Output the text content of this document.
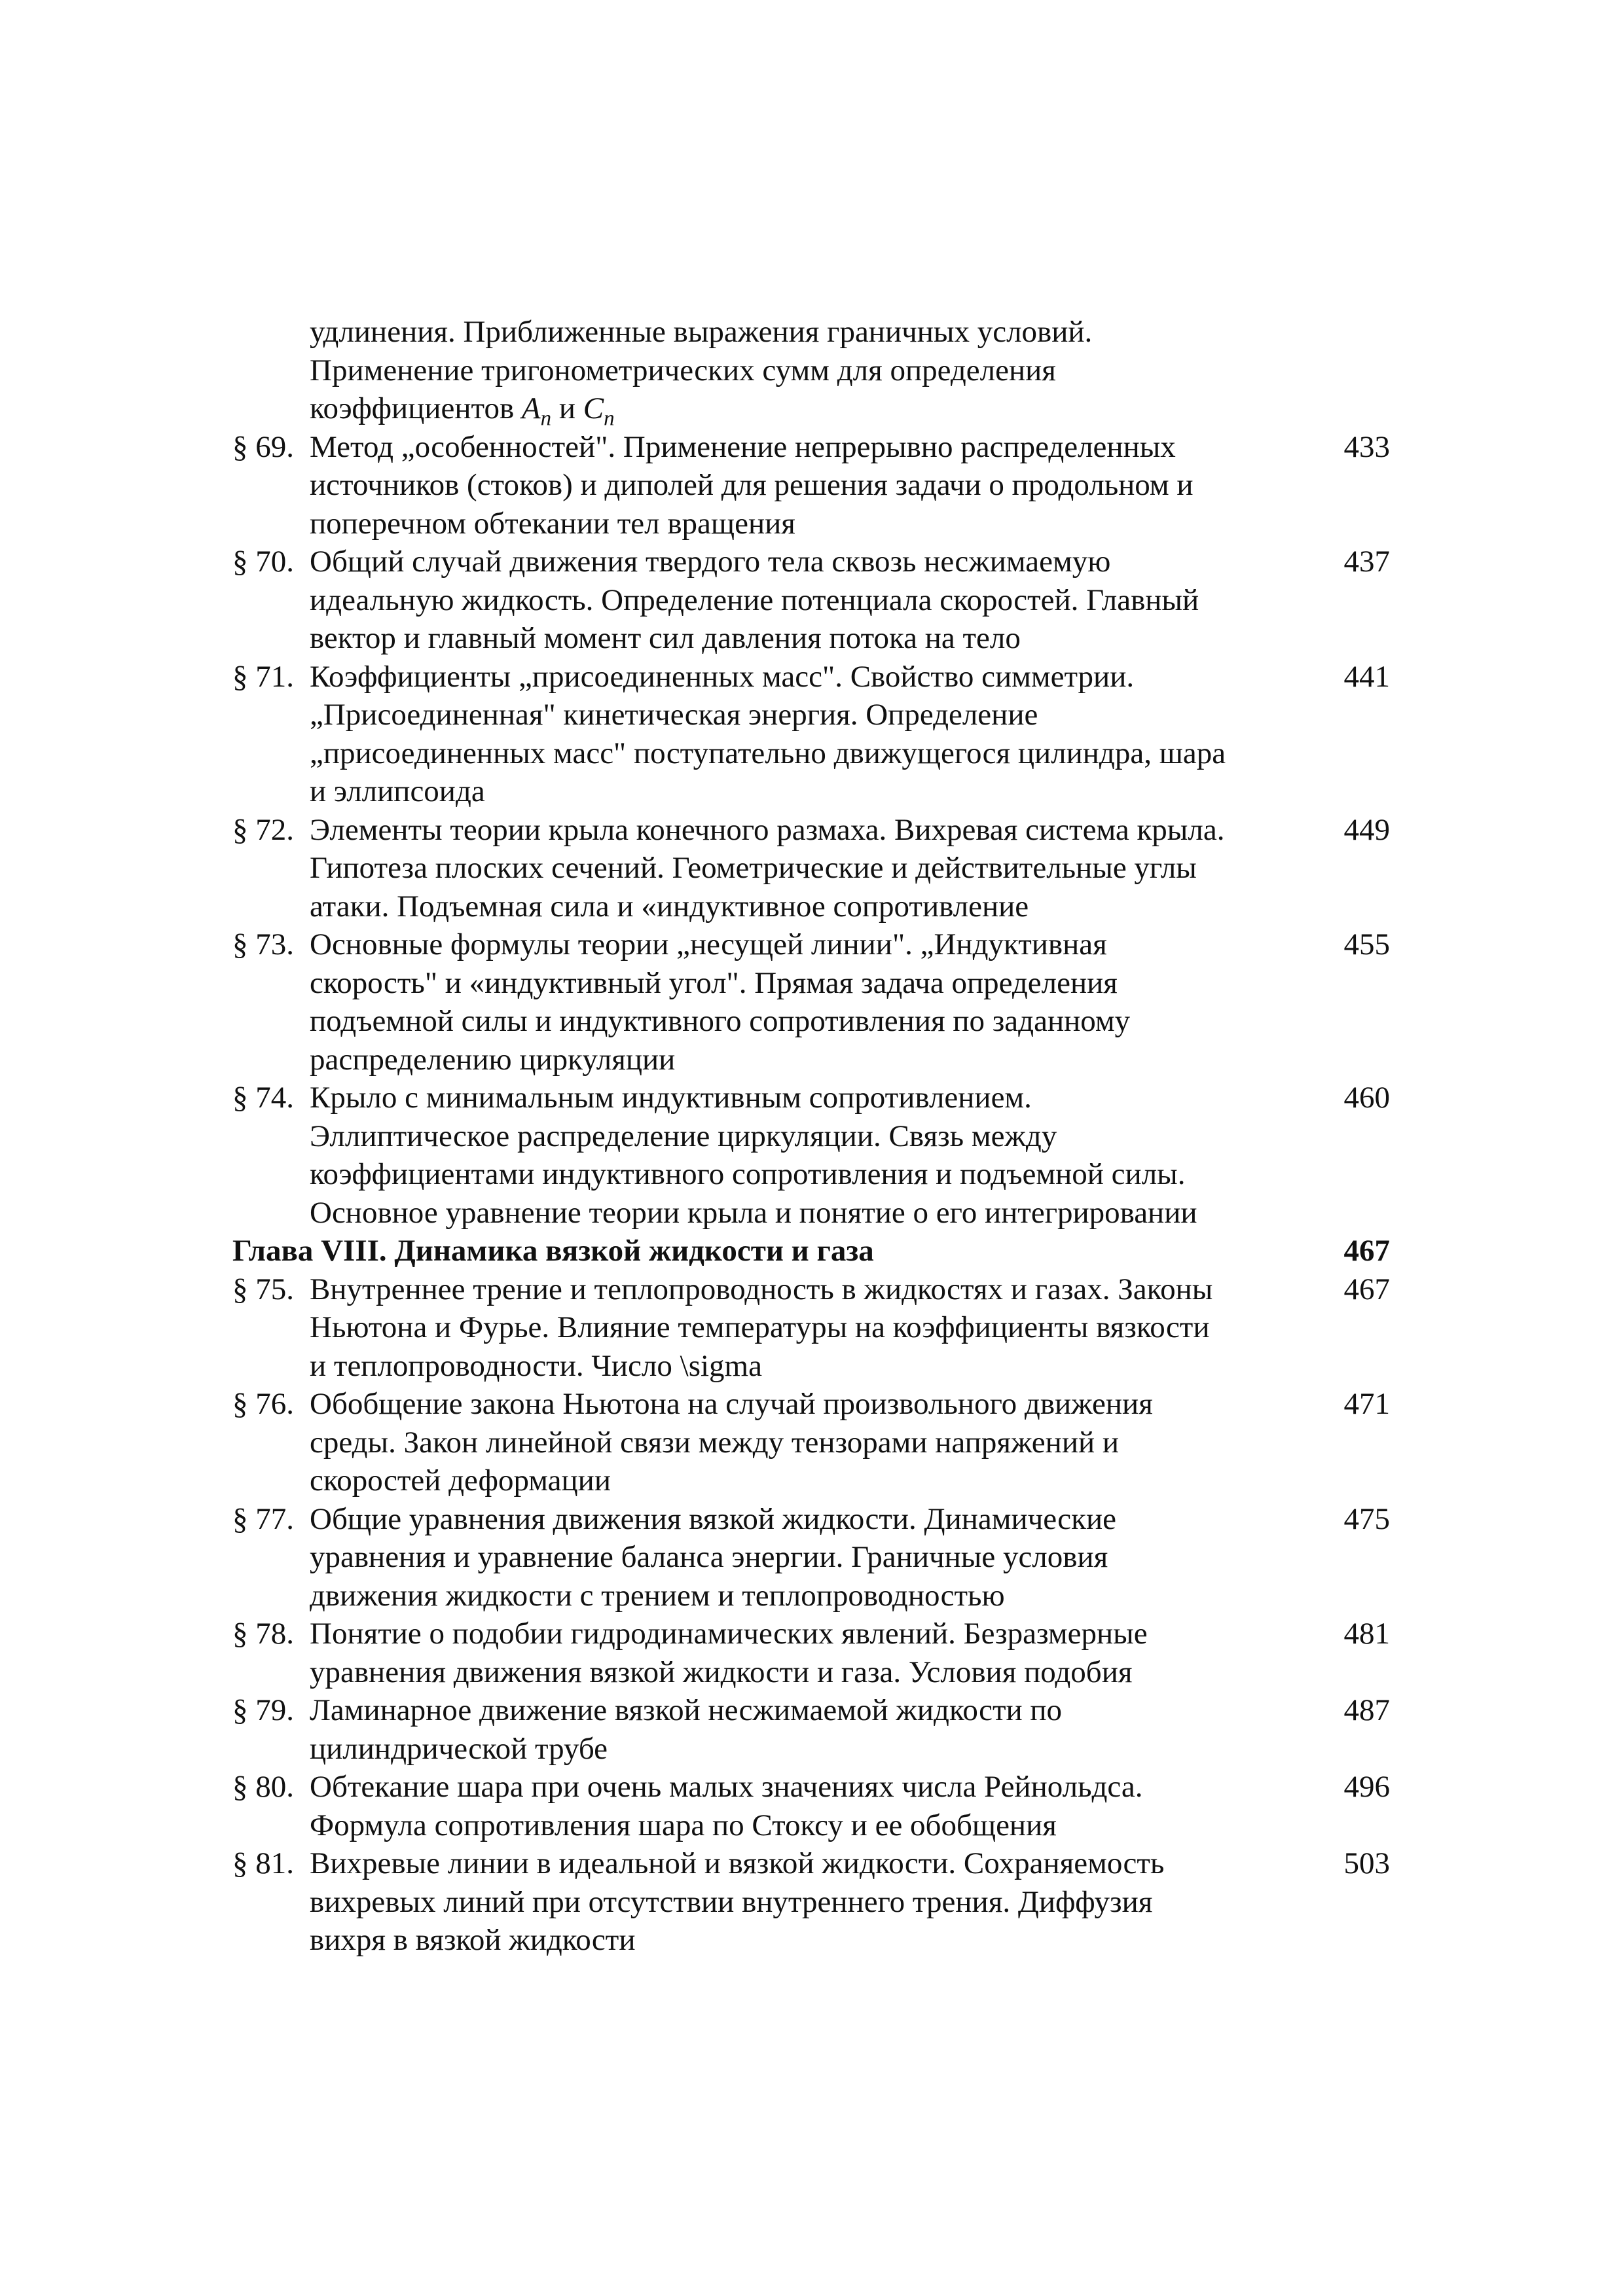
удлинения. Приближенные выражения граничных условий.
Применение тригонометрических сумм для определения
коэффициентов $A_n$ и $C_n$
§ 69. Метод „особенностей". Применение непрерывно распределенных
источников (стоков) и диполей для решения задачи о продольном и
поперечном обтекании тел вращения
433
§ 70. Общий случай движения твердого тела сквозь несжимаемую
идеальную жидкость. Определение потенциала скоростей. Главный
вектор и главный момент сил давления потока на тело
437
§ 71. Коэффициенты „присоединенных масс". Свойство симметрии.
„Присоединенная" кинетическая энергия. Определение
„присоединенных масс" поступательно движущегося цилиндра, шара
и эллипсоида
441
§ 72. Элементы теории крыла конечного размаха. Вихревая система крыла.
Гипотеза плоских сечений. Геометрические и действительные углы
атаки. Подъемная сила и «индуктивное сопротивление
449
§ 73. Основные формулы теории „несущей линии". „Индуктивная
скорость" и «индуктивный угол". Прямая задача определения
подъемной силы и индуктивного сопротивления по заданному
распределению циркуляции
455
§ 74. Крыло с минимальным индуктивным сопротивлением.
Эллиптическое распределение циркуляции. Связь между
коэффициентами индуктивного сопротивления и подъемной силы.
Основное уравнение теории крыла и понятие о его интегрировании
460
Глава VIII. Динамика вязкой жидкости и газа	467
§ 75. Внутреннее трение и теплопроводность в жидкостях и газах. Законы
Ньютона и Фурье. Влияние температуры на коэффициенты вязкости
и теплопроводности. Число \sigma
467
§ 76. Обобщение закона Ньютона на случай произвольного движения
среды. Закон линейной связи между тензорами напряжений и
скоростей деформации
471
§ 77. Общие уравнения движения вязкой жидкости. Динамические
уравнения и уравнение баланса энергии. Граничные условия
движения жидкости с трением и теплопроводностью
475
§ 78. Понятие о подобии гидродинамических явлений. Безразмерные
уравнения движения вязкой жидкости и газа. Условия подобия
481
§ 79. Ламинарное движение вязкой несжимаемой жидкости по
цилиндрической трубе
487
§ 80. Обтекание шара при очень малых значениях числа Рейнольдса.
Формула сопротивления шара по Стоксу и ее обобщения
496
§ 81. Вихревые линии в идеальной и вязкой жидкости. Сохраняемость
вихревых линий при отсутствии внутреннего трения. Диффузия
вихря в вязкой жидкости
503
